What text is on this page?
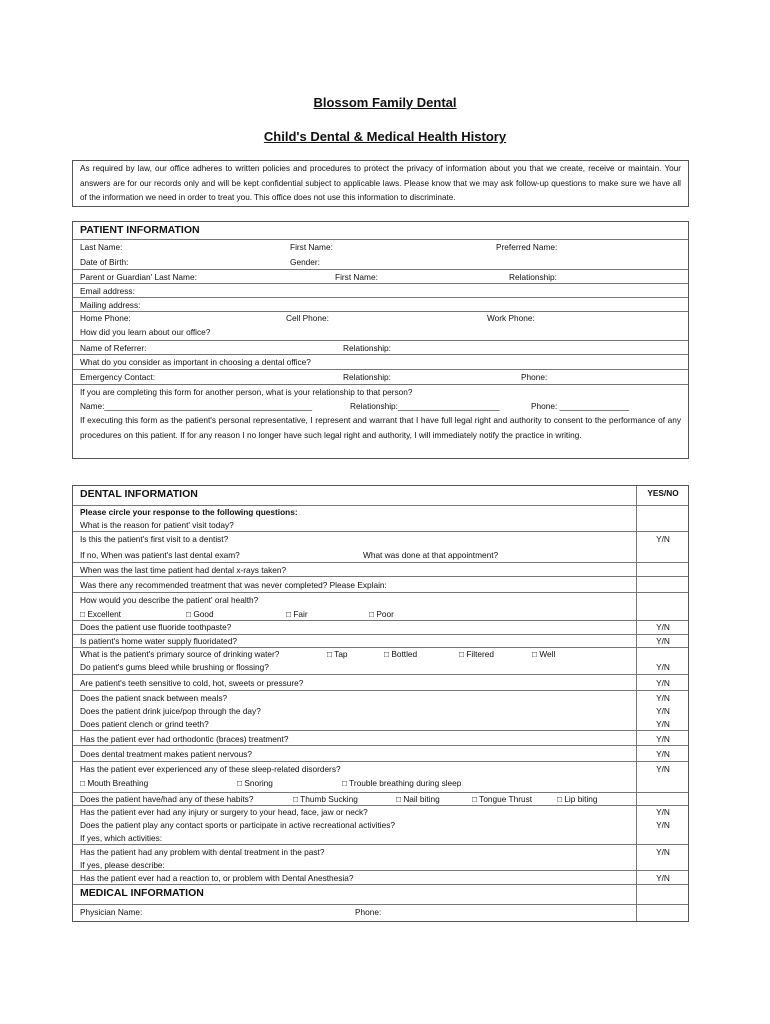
Blossom Family Dental
Child's Dental & Medical Health History
As required by law, our office adheres to written policies and procedures to protect the privacy of information about you that we create, receive or maintain. Your answers are for our records only and will be kept confidential subject to applicable laws. Please know that we may ask follow-up questions to make sure we have all of the information we need in order to treat you. This office does not use this information to discriminate.
PATIENT INFORMATION
Last Name:	First Name:	Preferred Name:
Date of Birth:	Gender:
Parent or Guardian' Last Name:	First Name:	Relationship:
Email address:
Mailing address:
Home Phone:	Cell Phone:	Work Phone:
How did you learn about our office?
Name of Referrer:	Relationship:
What do you consider as important in choosing a dental office?
Emergency Contact:	Relationship:	Phone:
If you are completing this form for another person, what is your relationship to that person?
Name:_____________________________________________	Relationship:______________________	Phone: _______________
If executing this form as the patient's personal representative, I represent and warrant that I have full legal right and authority to consent to the performance of any procedures on this patient. If for any reason I no longer have such legal right and authority, I will immediately notify the practice in writing.
DENTAL INFORMATION	YES/NO
Please circle your response to the following questions:
What is the reason for patient' visit today?
Is this the patient's first visit to a dentist?	Y/N
If no, When was patient's last dental exam?	What was done at that appointment?
When was the last time patient had dental x-rays taken?
Was there any recommended treatment that was never completed? Please Explain:
How would you describe the patient' oral health?
□ Excellent	□ Good	□ Fair	□ Poor
Does the patient use fluoride toothpaste?	Y/N
Is patient's home water supply fluoridated?	Y/N
What is the patient's primary source of drinking water?	□ Tap	□ Bottled	□ Filtered	□ Well
Do patient's gums bleed while brushing or flossing?	Y/N
Are patient's teeth sensitive to cold, hot, sweets or pressure?	Y/N
Does the patient snack between meals?	Y/N
Does the patient drink juice/pop through the day?	Y/N
Does patient clench or grind teeth?	Y/N
Has the patient ever had orthodontic (braces) treatment?	Y/N
Does dental treatment makes patient nervous?	Y/N
Has the patient ever experienced any of these sleep-related disorders?	Y/N
□ Mouth Breathing	□ Snoring	□ Trouble breathing during sleep
Does the patient have/had any of these habits?	□ Thumb Sucking	□ Nail biting	□ Tongue Thrust	□ Lip biting
Has the patient ever had any injury or surgery to your head, face, jaw or neck?	Y/N
Does the patient play any contact sports or participate in active recreational activities?	Y/N
If yes, which activities:
Has the patient had any problem with dental treatment in the past?	Y/N
If yes, please describe:
Has the patient ever had a reaction to, or problem with Dental Anesthesia?	Y/N
MEDICAL INFORMATION
Physician Name:	Phone:
